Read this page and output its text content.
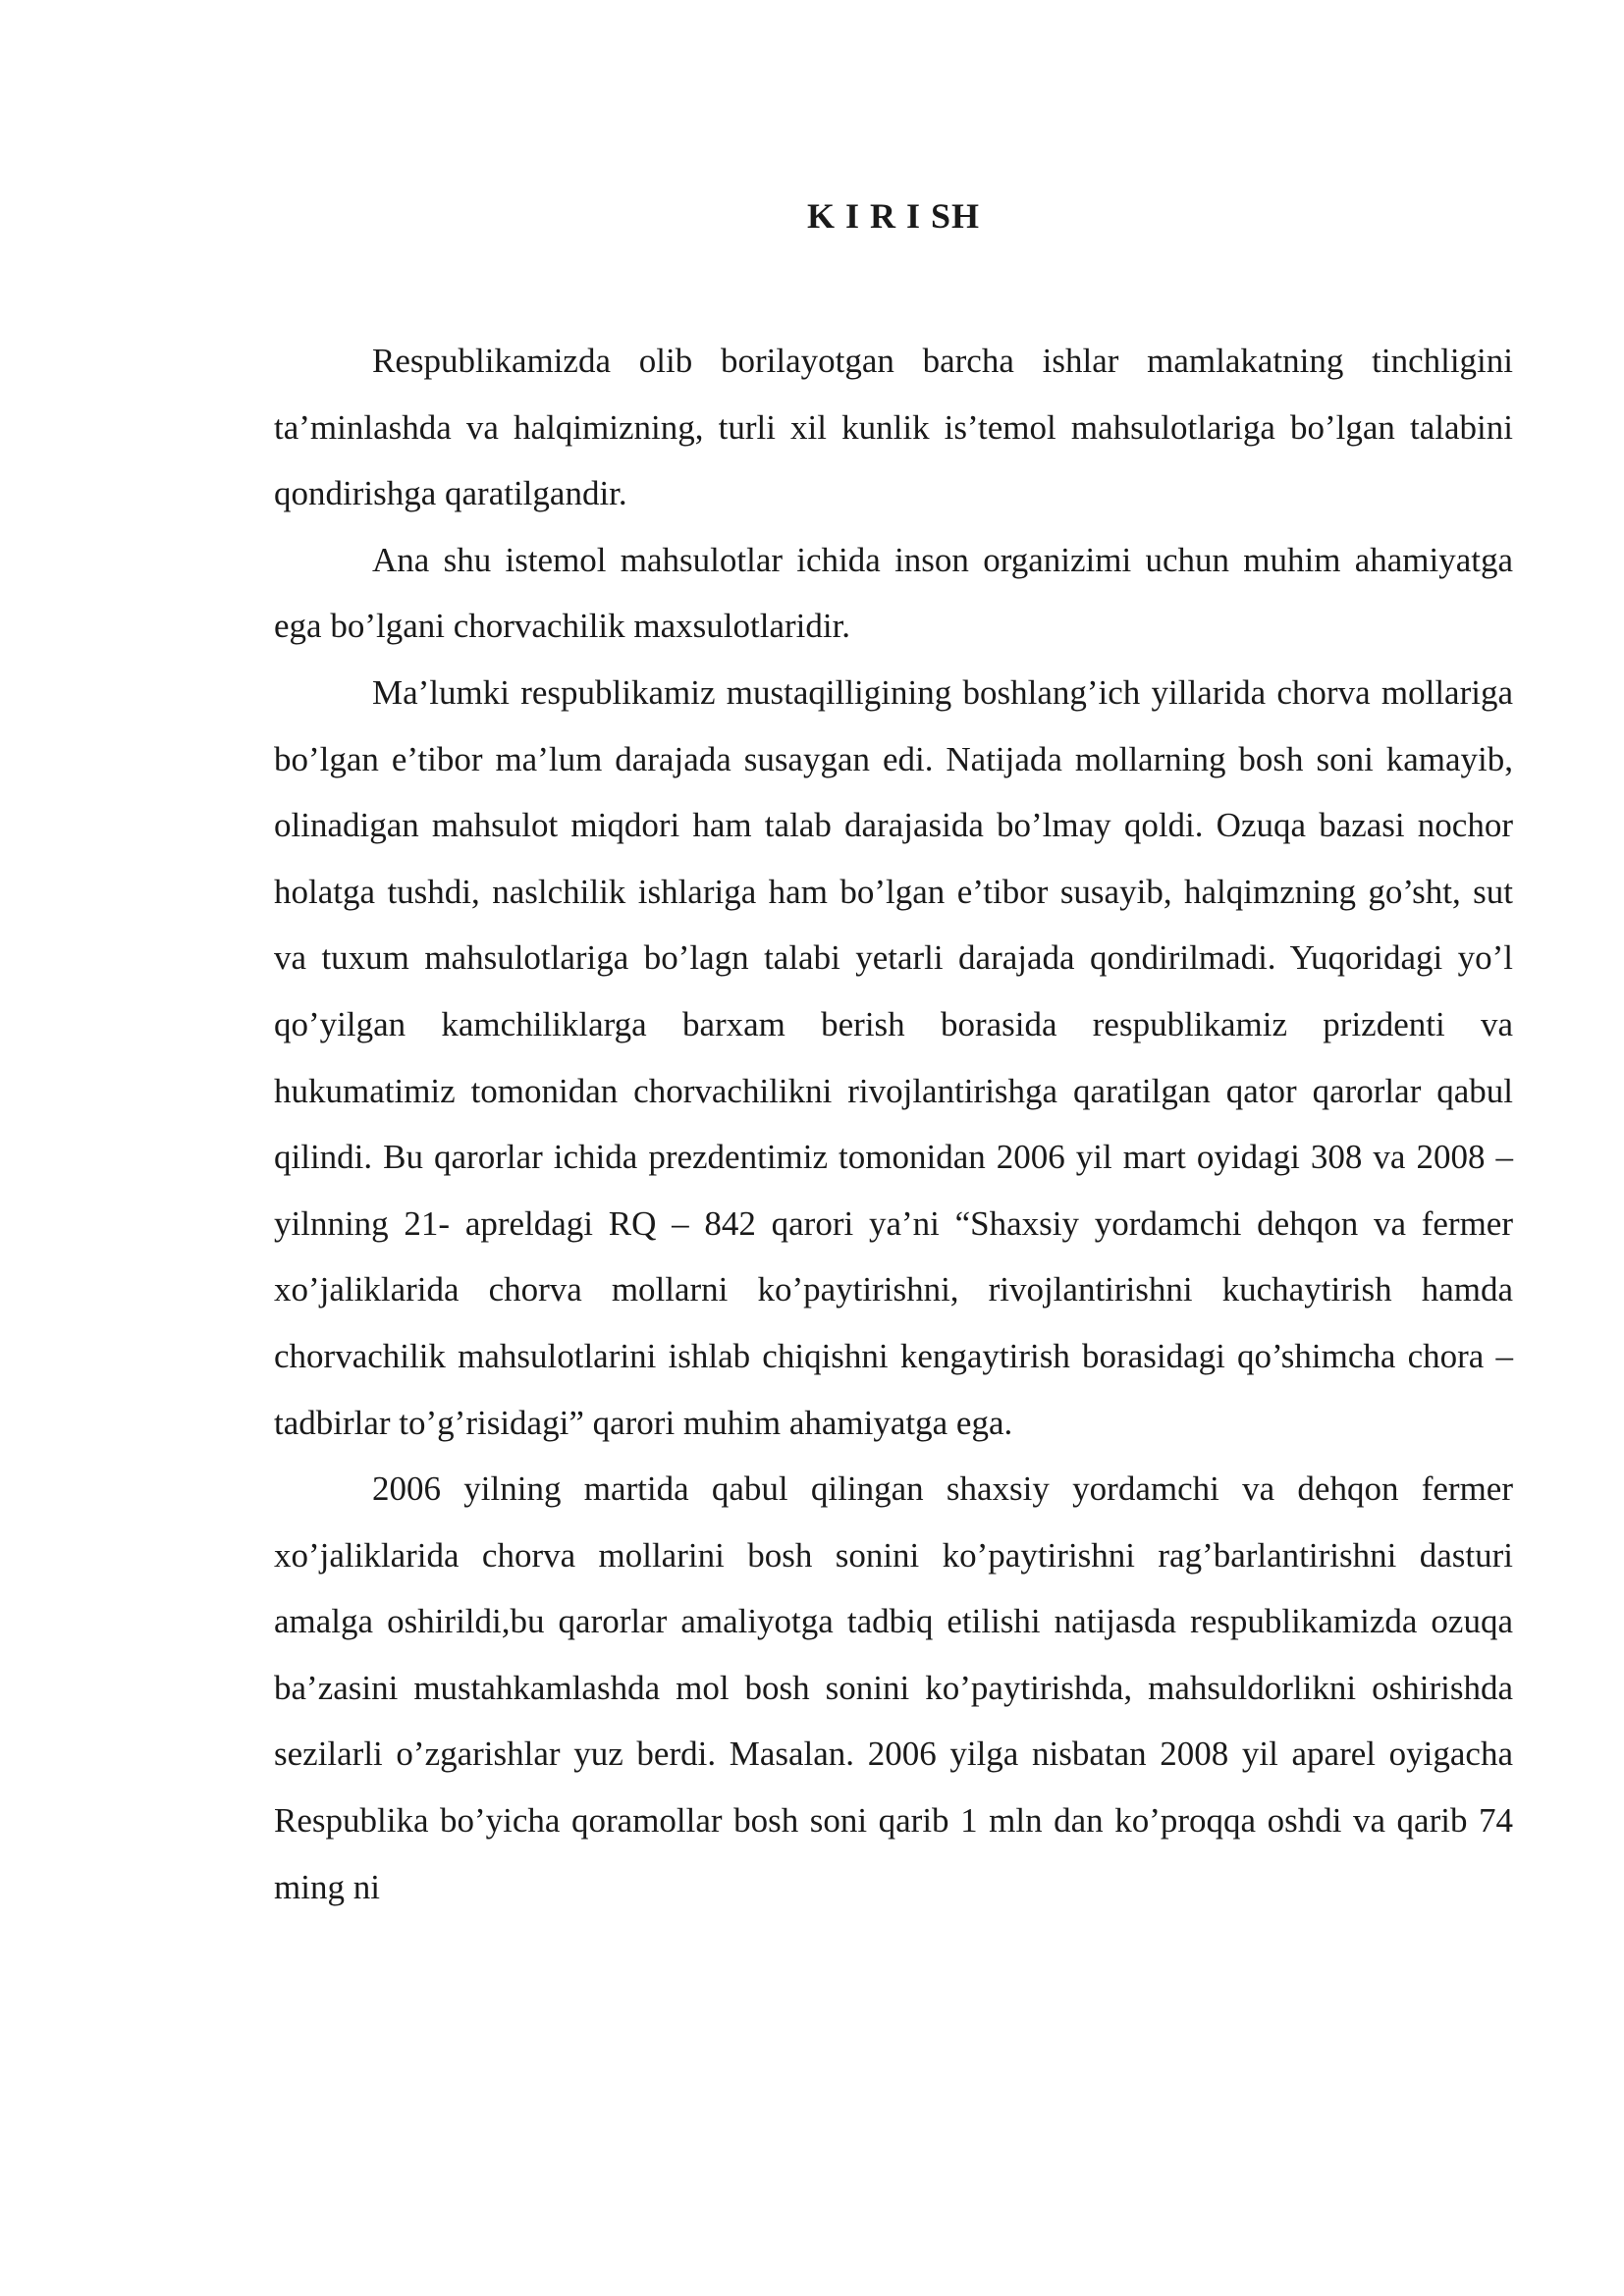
K I R I SH

Respublikamizda olib borilayotgan barcha ishlar mamlakatning tinchligini ta’minlashda va halqimizning, turli xil kunlik is’temol mahsulotlariga bo’lgan talabini qondirishga qaratilgandir.

Ana shu istemol mahsulotlar ichida inson organizimi uchun muhim ahamiyatga ega bo’lgani chorvachilik maxsulotlaridir.

Ma’lumki respublikamiz mustaqilligining boshlang’ich yillarida chorva mollariga bo’lgan e’tibor ma’lum darajada susaygan edi. Natijada mollarning bosh soni kamayib, olinadigan mahsulot miqdori ham talab darajasida bo’lmay qoldi. Ozuqa bazasi nochor holatga tushdi, naslchilik ishlariga ham bo’lgan e’tibor susayib, halqimzning go’sht, sut va tuxum mahsulotlariga bo’lagn talabi yetarli darajada qondirilmadi. Yuqoridagi yo’l qo’yilgan kamchiliklarga barxam berish borasida respublikamiz prizdenti va hukumatimiz tomonidan chorvachilikni rivojlantirishga qaratilgan qator qarorlar qabul qilindi. Bu qarorlar ichida prezdentimiz tomonidan 2006 yil mart oyidagi 308 va 2008 – yilnning 21- apreldagi RQ – 842 qarori ya’ni “Shaxsiy yordamchi dehqon va fermer xo’jaliklarida chorva mollarni ko’paytirishni, rivojlantirishni kuchaytirish hamda chorvachilik mahsulotlarini ishlab chiqishni kengaytirish borasidagi qo’shimcha chora –tadbirlar to’g’risidagi” qarori muhim ahamiyatga ega.

2006 yilning martida qabul qilingan shaxsiy yordamchi va dehqon fermer xo’jaliklarida chorva mollarini bosh sonini ko’paytirishni rag’barlantirishni dasturi amalga oshirildi,bu qarorlar amaliyotga tadbiq etilishi natijasda respublikamizda ozuqa ba’zasini mustahkamlashda mol bosh sonini ko’paytirishda, mahsuldorlikni oshirishda sezilarli o’zgarishlar yuz berdi. Masalan. 2006 yilga nisbatan 2008 yil aparel oyigacha Respublika bo’yicha qoramollar bosh soni qarib 1 mln dan ko’proqqa oshdi va qarib 74 ming ni
